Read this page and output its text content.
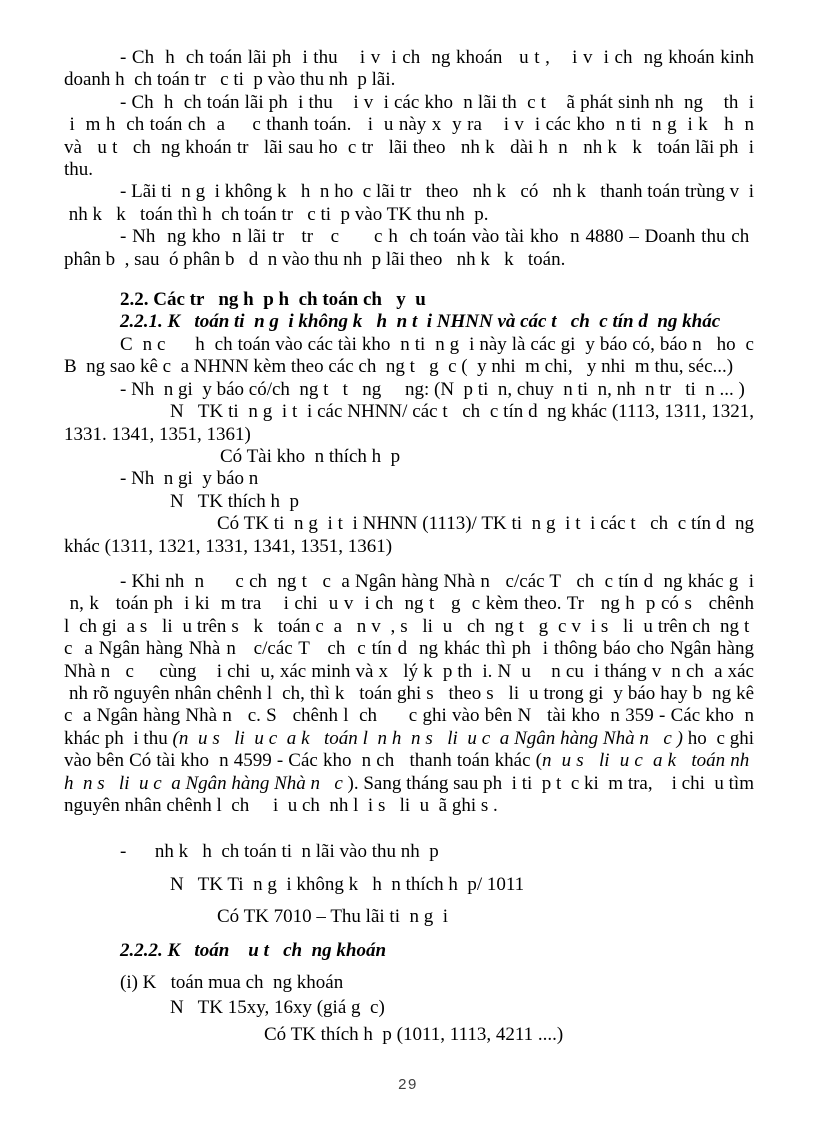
- Ch  h  ch toán lãi ph  i thu    i v  i ch  ng khoán   u t ,    i v  i ch  ng khoán kinh
doanh h  ch toán tr   c ti  p vào thu nh  p lãi.
- Ch  h  ch toán lãi ph  i thu    i v  i các kho  n lãi th  c t    ã phát sinh nh  ng    th  i
i  m h  ch toán ch  a     c thanh toán.   i  u này x  y ra    i v  i các kho  n ti  n g  i k   h  n
và   u t   ch  ng khoán tr   lãi sau ho  c tr   lãi theo   nh k   dài h  n   nh k   k   toán lãi ph  i
thu.
- Lãi ti  n g  i không k   h  n ho  c lãi tr   theo   nh k   có   nh k   thanh toán trùng v  i
nh k   k   toán thì h  ch toán tr   c ti  p vào TK thu nh  p.
- Nh  ng kho  n lãi tr   tr   c      c h  ch toán vào tài kho  n 4880 – Doanh thu ch
phân b  , sau  ó phân b   d  n vào thu nh  p lãi theo   nh k   k   toán.
2.2. Các tr   ng h  p h  ch toán ch   y  u
2.2.1. K   toán ti  n g  i không k   h  n t  i NHNN và các t   ch  c tín d  ng khác
C  n c      h  ch toán vào các tài kho  n ti  n g  i này là các gi  y báo có, báo n   ho  c
B  ng sao kê c  a NHNN kèm theo các ch  ng t   g  c (  y nhi  m chi,   y nhi  m thu, séc...)
- Nh  n gi  y báo có/ch  ng t   t   ng     ng: (N  p ti  n, chuy  n ti  n, nh  n tr   ti  n ... )
N   TK ti  n g  i t  i các NHNN/ các t   ch  c tín d  ng khác (1113, 1311, 1321,
1331. 1341, 1351, 1361)
Có Tài kho  n thích h  p
- Nh  n gi  y báo n
N   TK thích h  p
Có TK ti  n g  i t  i NHNN (1113)/ TK ti  n g  i t  i các t   ch  c tín d  ng
khác (1311, 1321, 1331, 1341, 1351, 1361)
- Khi nh  n      c ch  ng t   c  a Ngân hàng Nhà n   c/các T   ch  c tín d  ng khác g  i
n, k   toán ph  i ki  m tra    i chi  u v  i ch  ng t   g  c kèm theo. Tr   ng h  p có s   chênh
l  ch gi  a s   li  u trên s   k   toán c  a   n v  , s   li  u   ch  ng t   g  c v  i s   li  u trên ch  ng t
c  a Ngân hàng Nhà n   c/các T   ch  c tín d  ng khác thì ph  i thông báo cho Ngân hàng
Nhà n   c     cùng    i chi  u, xác minh và x   lý k  p th  i. N  u    n cu  i tháng v  n ch  a xác
nh rõ nguyên nhân chênh l  ch, thì k   toán ghi s   theo s   li  u trong gi  y báo hay b  ng kê
c  a Ngân hàng Nhà n   c. S   chênh l  ch      c ghi vào bên N   tài kho  n 359 - Các kho  n
khác ph  i thu (n  u s   li  u c  a k   toán l  n h  n s   li  u c  a Ngân hàng Nhà n   c ) ho  c ghi
vào bên Có tài kho  n 4599 - Các kho  n ch   thanh toán khác (n  u s   li  u c  a k   toán nh
h  n s   li  u c  a Ngân hàng Nhà n   c ). Sang tháng sau ph  i ti  p t  c ki  m tra,    i chi  u tìm
nguyên nhân chênh l  ch     i  u ch  nh l  i s   li  u  ã ghi s .
-      nh k   h  ch toán ti  n lãi vào thu nh  p
N   TK Ti  n g  i không k   h  n thích h  p/ 1011
Có TK 7010 – Thu lãi ti  n g  i
2.2.2. K   toán    u t   ch  ng khoán
(i) K   toán mua ch  ng khoán
N   TK 15xy, 16xy (giá g  c)
Có TK thích h  p (1011, 1113, 4211 ....)
29
